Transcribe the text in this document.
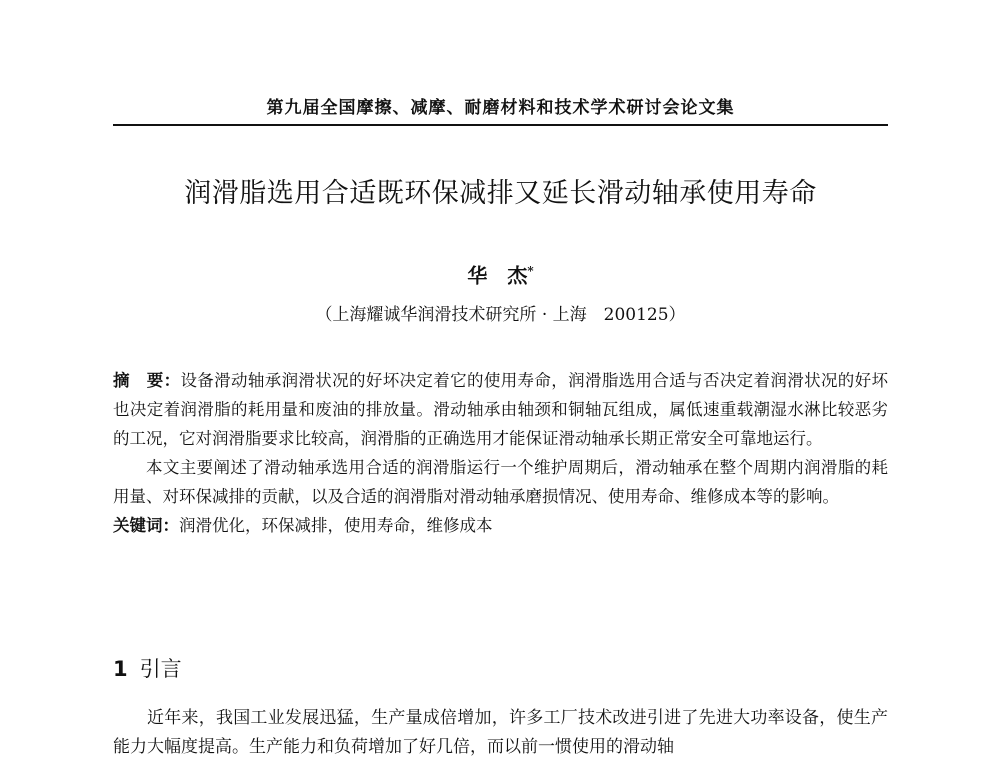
第九届全国摩擦、减摩、耐磨材料和技术学术研讨会论文集
润滑脂选用合适既环保减排又延长滑动轴承使用寿命
华　杰*
（上海耀诚华润滑技术研究所 · 上海　200125）

摘　要：设备滑动轴承润滑状况的好坏决定着它的使用寿命，润滑脂选用合适与否决定着润滑状况的好坏也决定着润滑脂的耗用量和废油的排放量。滑动轴承由轴颈和铜轴瓦组成，属低速重载潮湿水淋比较恶劣的工况，它对润滑脂要求比较高，润滑脂的正确选用才能保证滑动轴承长期正常安全可靠地运行。

本文主要阐述了滑动轴承选用合适的润滑脂运行一个维护周期后，滑动轴承在整个周期内润滑脂的耗用量、对环保减排的贡献，以及合适的润滑脂对滑动轴承磨损情况、使用寿命、维修成本等的影响。

关键词：润滑优化，环保减排，使用寿命，维修成本

1 引言

近年来，我国工业发展迅猛，生产量成倍增加，许多工厂技术改进引进了先进大功率设备，使生产能力大幅度提高。生产能力和负荷增加了好几倍，而以前一惯使用的滑动轴
